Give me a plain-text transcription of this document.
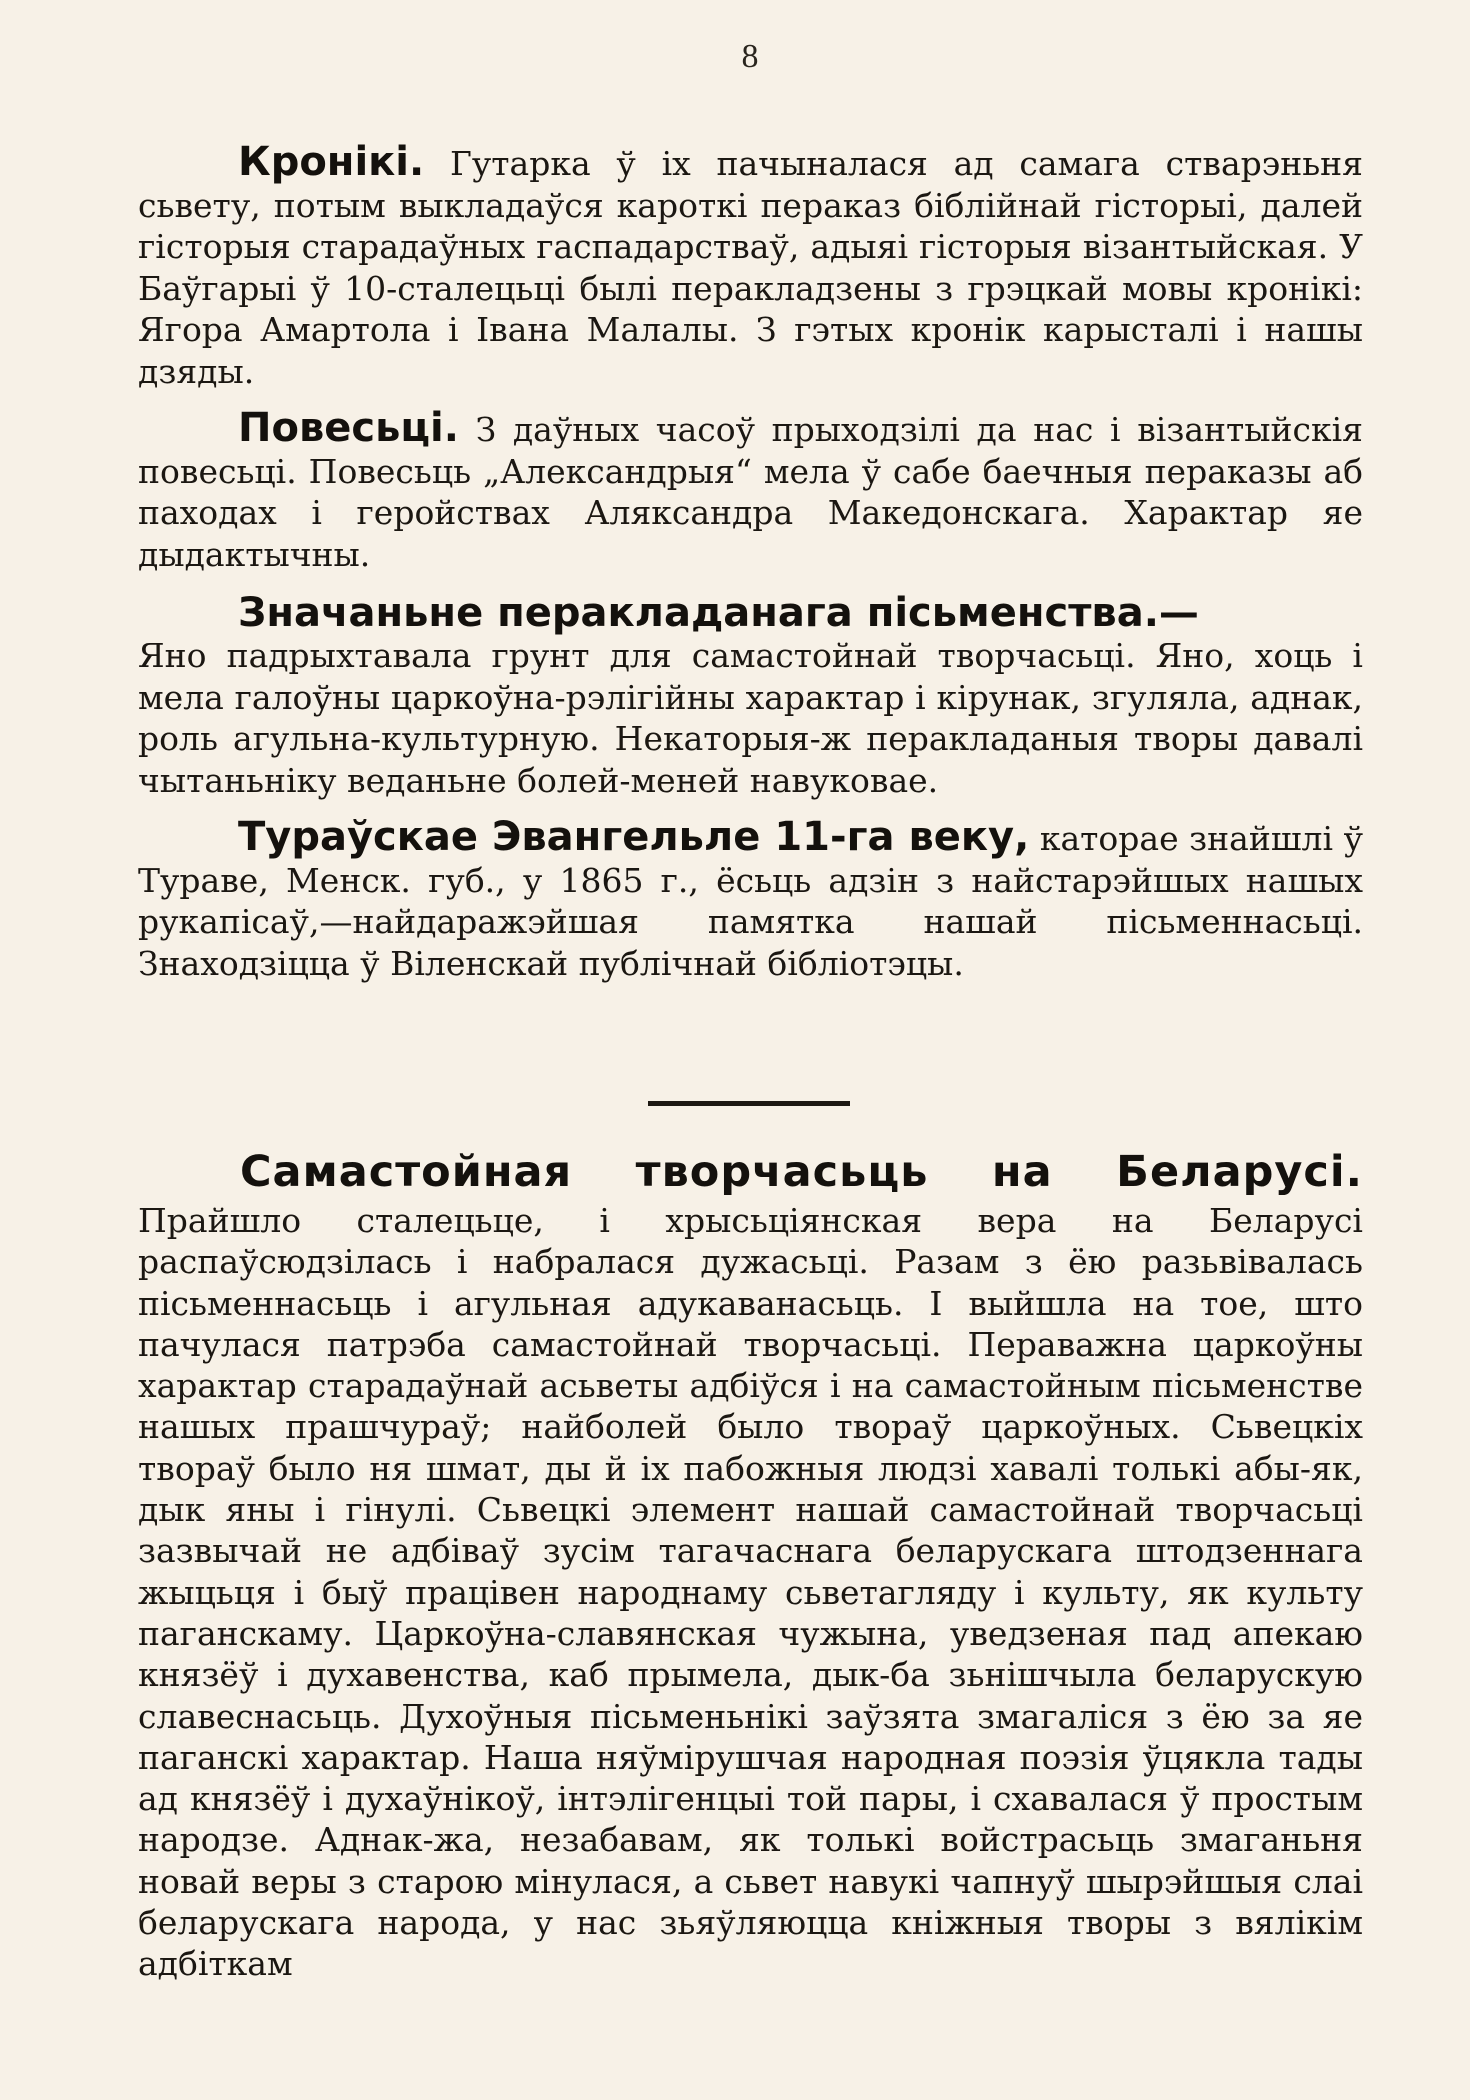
8

Кронікі. Гутарка ў іх пачыналася ад самага стварэньня сьвету, потым выкладаўся кароткі пераказ біблійнай гісторыі, далей гісторыя старадаўных гаспадарстваў, адыяі гісторыя візантыйская. У Баўгарыі ў 10-сталецьці былі перакладзены з грэцкай мовы кронікі: Ягора Амартола і Івана Малалы. З гэтых кронік карысталі і нашы дзяды.

Повесьці. З даўных часоў прыходзілі да нас і візантыйскія повесьці. Повесьць „Александрыя“ мела ў сабе баечныя пераказы аб паходах і геройствах Аляксандра Македонскага. Характар яе дыдактычны.

Значаньне перакладанага пісьменства.—

Яно падрыхтавала грунт для самастойнай творчасьці. Яно, хоць і мела галоўны царкоўна-рэлігійны характар і кірунак, згуляла, аднак, роль агульна-культурную. Некаторыя-ж перакладаныя творы давалі чытаньніку веданьне болей-меней навуковае.

Тураўскае Эвангельле 11-га веку, каторае знайшлі ў Тураве, Менск. губ., у 1865 г., ёсьць адзін з найстарэйшых нашых рукапісаў,—найдаражэйшая памятка нашай пісьменнасьці. Знаходзіцца ў Віленскай публічнай бібліотэцы.

Самастойная творчасьць на Беларусі.

Прайшло сталецьце, і хрысьціянская вера на Беларусі распаўсюдзілась і набралася дужасьці. Разам з ёю разьвівалась пісьменнасьць і агульная адукаванасьць. І выйшла на тое, што пачулася патрэба самастойнай творчасьці. Пераважна царкоўны характар старадаўнай асьветы адбіўся і на самастойным пісьменстве нашых прашчураў; найболей было твораў царкоўных. Сьвецкіх твораў было ня шмат, ды й іх пабожныя людзі хавалі толькі абы-як, дык яны і гінулі. Сьвецкі элемент нашай самастойнай творчасьці зазвычай не адбіваў зусім тагачаснага беларускага штодзеннага жыцьця і быў працівен народнаму сьветагляду і культу, як культу паганскаму. Царкоўна-славянская чужына, уведзеная пад апекаю князёў і духавенства, каб прымела, дык-ба зьнішчыла беларускую славеснасьць. Духоўныя пісьменьнікі заўзята змагаліся з ёю за яе паганскі характар. Наша няўмірушчая народная поэзія ўцякла тады ад князёў і духаўнікоў, інтэлігенцыі той пары, і схавалася ў простым народзе. Аднак-жа, незабавам, як толькі войстрасьць змаганьня новай веры з старою мінулася, а сьвет навукі чапнуў шырэйшыя слаі беларускага народа, у нас зьяўляюцца кніжныя творы з вялікім адбіткам
